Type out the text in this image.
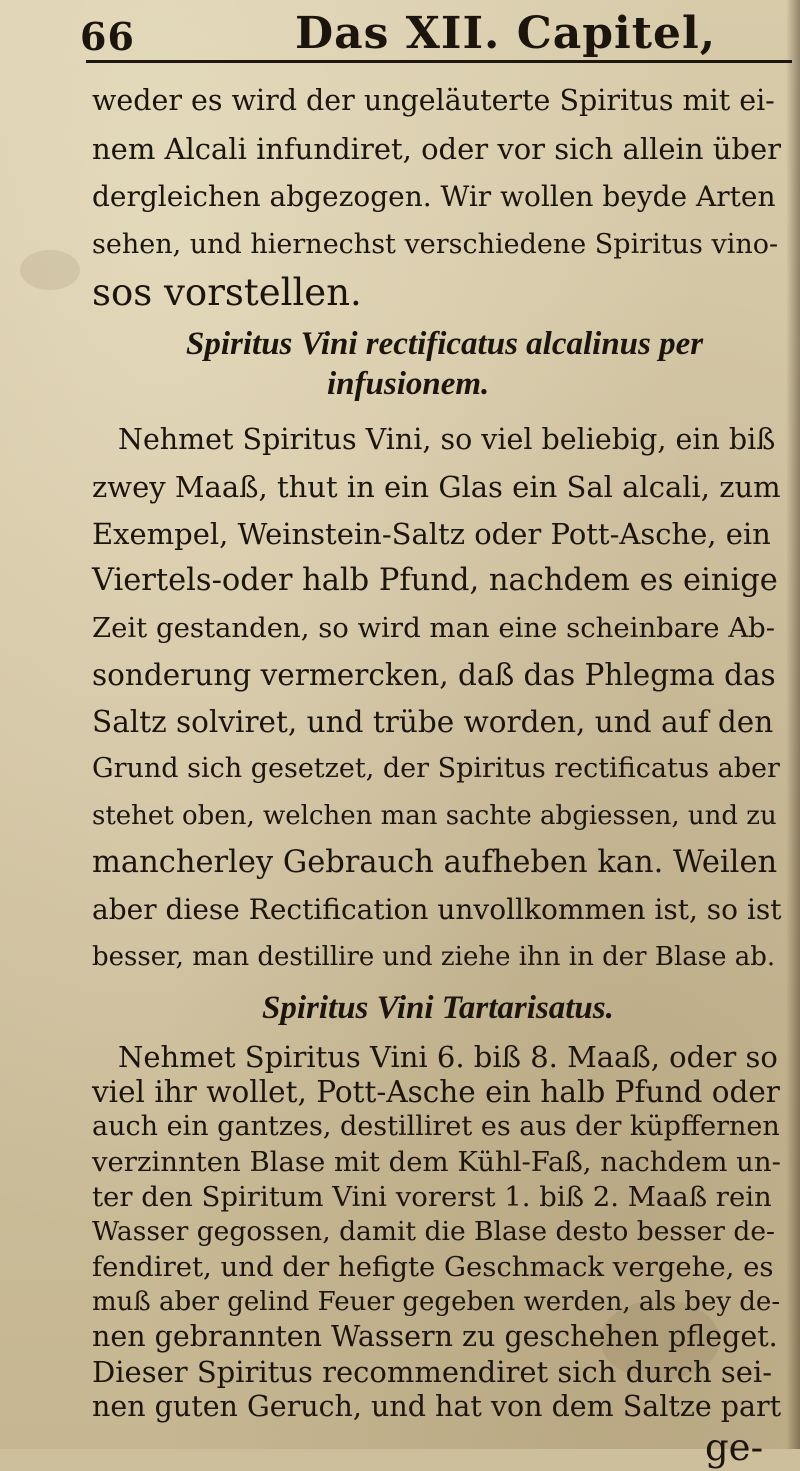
66	Das XII. Capitel,
weder es wird der ungeläuterte Spiritus mit ei-
nem Alcali infundiret, oder vor sich allein über
dergleichen abgezogen. Wir wollen beyde Arten
sehen, und hiernechst verschiedene Spiritus vino-
sos vorstellen.
Spiritus Vini rectificatus alcalinus per
infusionem.
Nehmet Spiritus Vini, so viel beliebig, ein biß
zwey Maaß, thut in ein Glas ein Sal alcali, zum
Exempel, Weinstein-Saltz oder Pott-Asche, ein
Viertels-oder halb Pfund, nachdem es einige
Zeit gestanden, so wird man eine scheinbare Ab-
sonderung vermercken, daß das Phlegma das
Saltz solviret, und trübe worden, und auf den
Grund sich gesetzet, der Spiritus rectificatus aber
stehet oben, welchen man sachte abgiessen, und zu
mancherley Gebrauch aufheben kan. Weilen
aber diese Rectification unvollkommen ist, so ist
besser, man destillire und ziehe ihn in der Blase ab.
Spiritus Vini Tartarisatus.
Nehmet Spiritus Vini 6. biß 8. Maaß, oder so
viel ihr wollet, Pott-Asche ein halb Pfund oder
auch ein gantzes, destilliret es aus der küpffernen
verzinnten Blase mit dem Kühl-Faß, nachdem un-
ter den Spiritum Vini vorerst 1. biß 2. Maaß rein
Wasser gegossen, damit die Blase desto besser de-
fendiret, und der hefigte Geschmack vergehe, es
muß aber gelind Feuer gegeben werden, als bey de-
nen gebrannten Wassern zu geschehen pfleget.
Dieser Spiritus recommendiret sich durch sei-
nen guten Geruch, und hat von dem Saltze part
ge-
